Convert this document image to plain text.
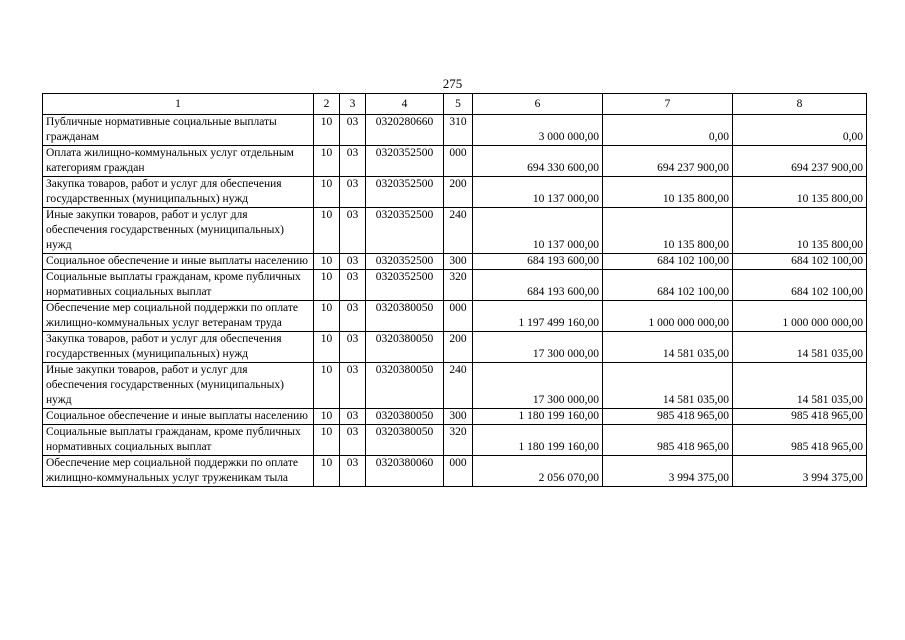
275
1	2	3	4	5	6	7	8
Публичные нормативные социальные выплаты гражданам	10	03	0320280660	310	3 000 000,00	0,00	0,00
Оплата жилищно-коммунальных услуг отдельным категориям граждан	10	03	0320352500	000	694 330 600,00	694 237 900,00	694 237 900,00
Закупка товаров, работ и услуг для обеспечения государственных (муниципальных) нужд	10	03	0320352500	200	10 137 000,00	10 135 800,00	10 135 800,00
Иные закупки товаров, работ и услуг для обеспечения государственных (муниципальных) нужд	10	03	0320352500	240	10 137 000,00	10 135 800,00	10 135 800,00
Социальное обеспечение и иные выплаты населению	10	03	0320352500	300	684 193 600,00	684 102 100,00	684 102 100,00
Социальные выплаты гражданам, кроме публичных нормативных социальных выплат	10	03	0320352500	320	684 193 600,00	684 102 100,00	684 102 100,00
Обеспечение мер социальной поддержки по оплате жилищно-коммунальных услуг ветеранам труда	10	03	0320380050	000	1 197 499 160,00	1 000 000 000,00	1 000 000 000,00
Закупка товаров, работ и услуг для обеспечения государственных (муниципальных) нужд	10	03	0320380050	200	17 300 000,00	14 581 035,00	14 581 035,00
Иные закупки товаров, работ и услуг для обеспечения государственных (муниципальных) нужд	10	03	0320380050	240	17 300 000,00	14 581 035,00	14 581 035,00
Социальное обеспечение и иные выплаты населению	10	03	0320380050	300	1 180 199 160,00	985 418 965,00	985 418 965,00
Социальные выплаты гражданам, кроме публичных нормативных социальных выплат	10	03	0320380050	320	1 180 199 160,00	985 418 965,00	985 418 965,00
Обеспечение мер социальной поддержки по оплате жилищно-коммунальных услуг труженикам тыла	10	03	0320380060	000	2 056 070,00	3 994 375,00	3 994 375,00
